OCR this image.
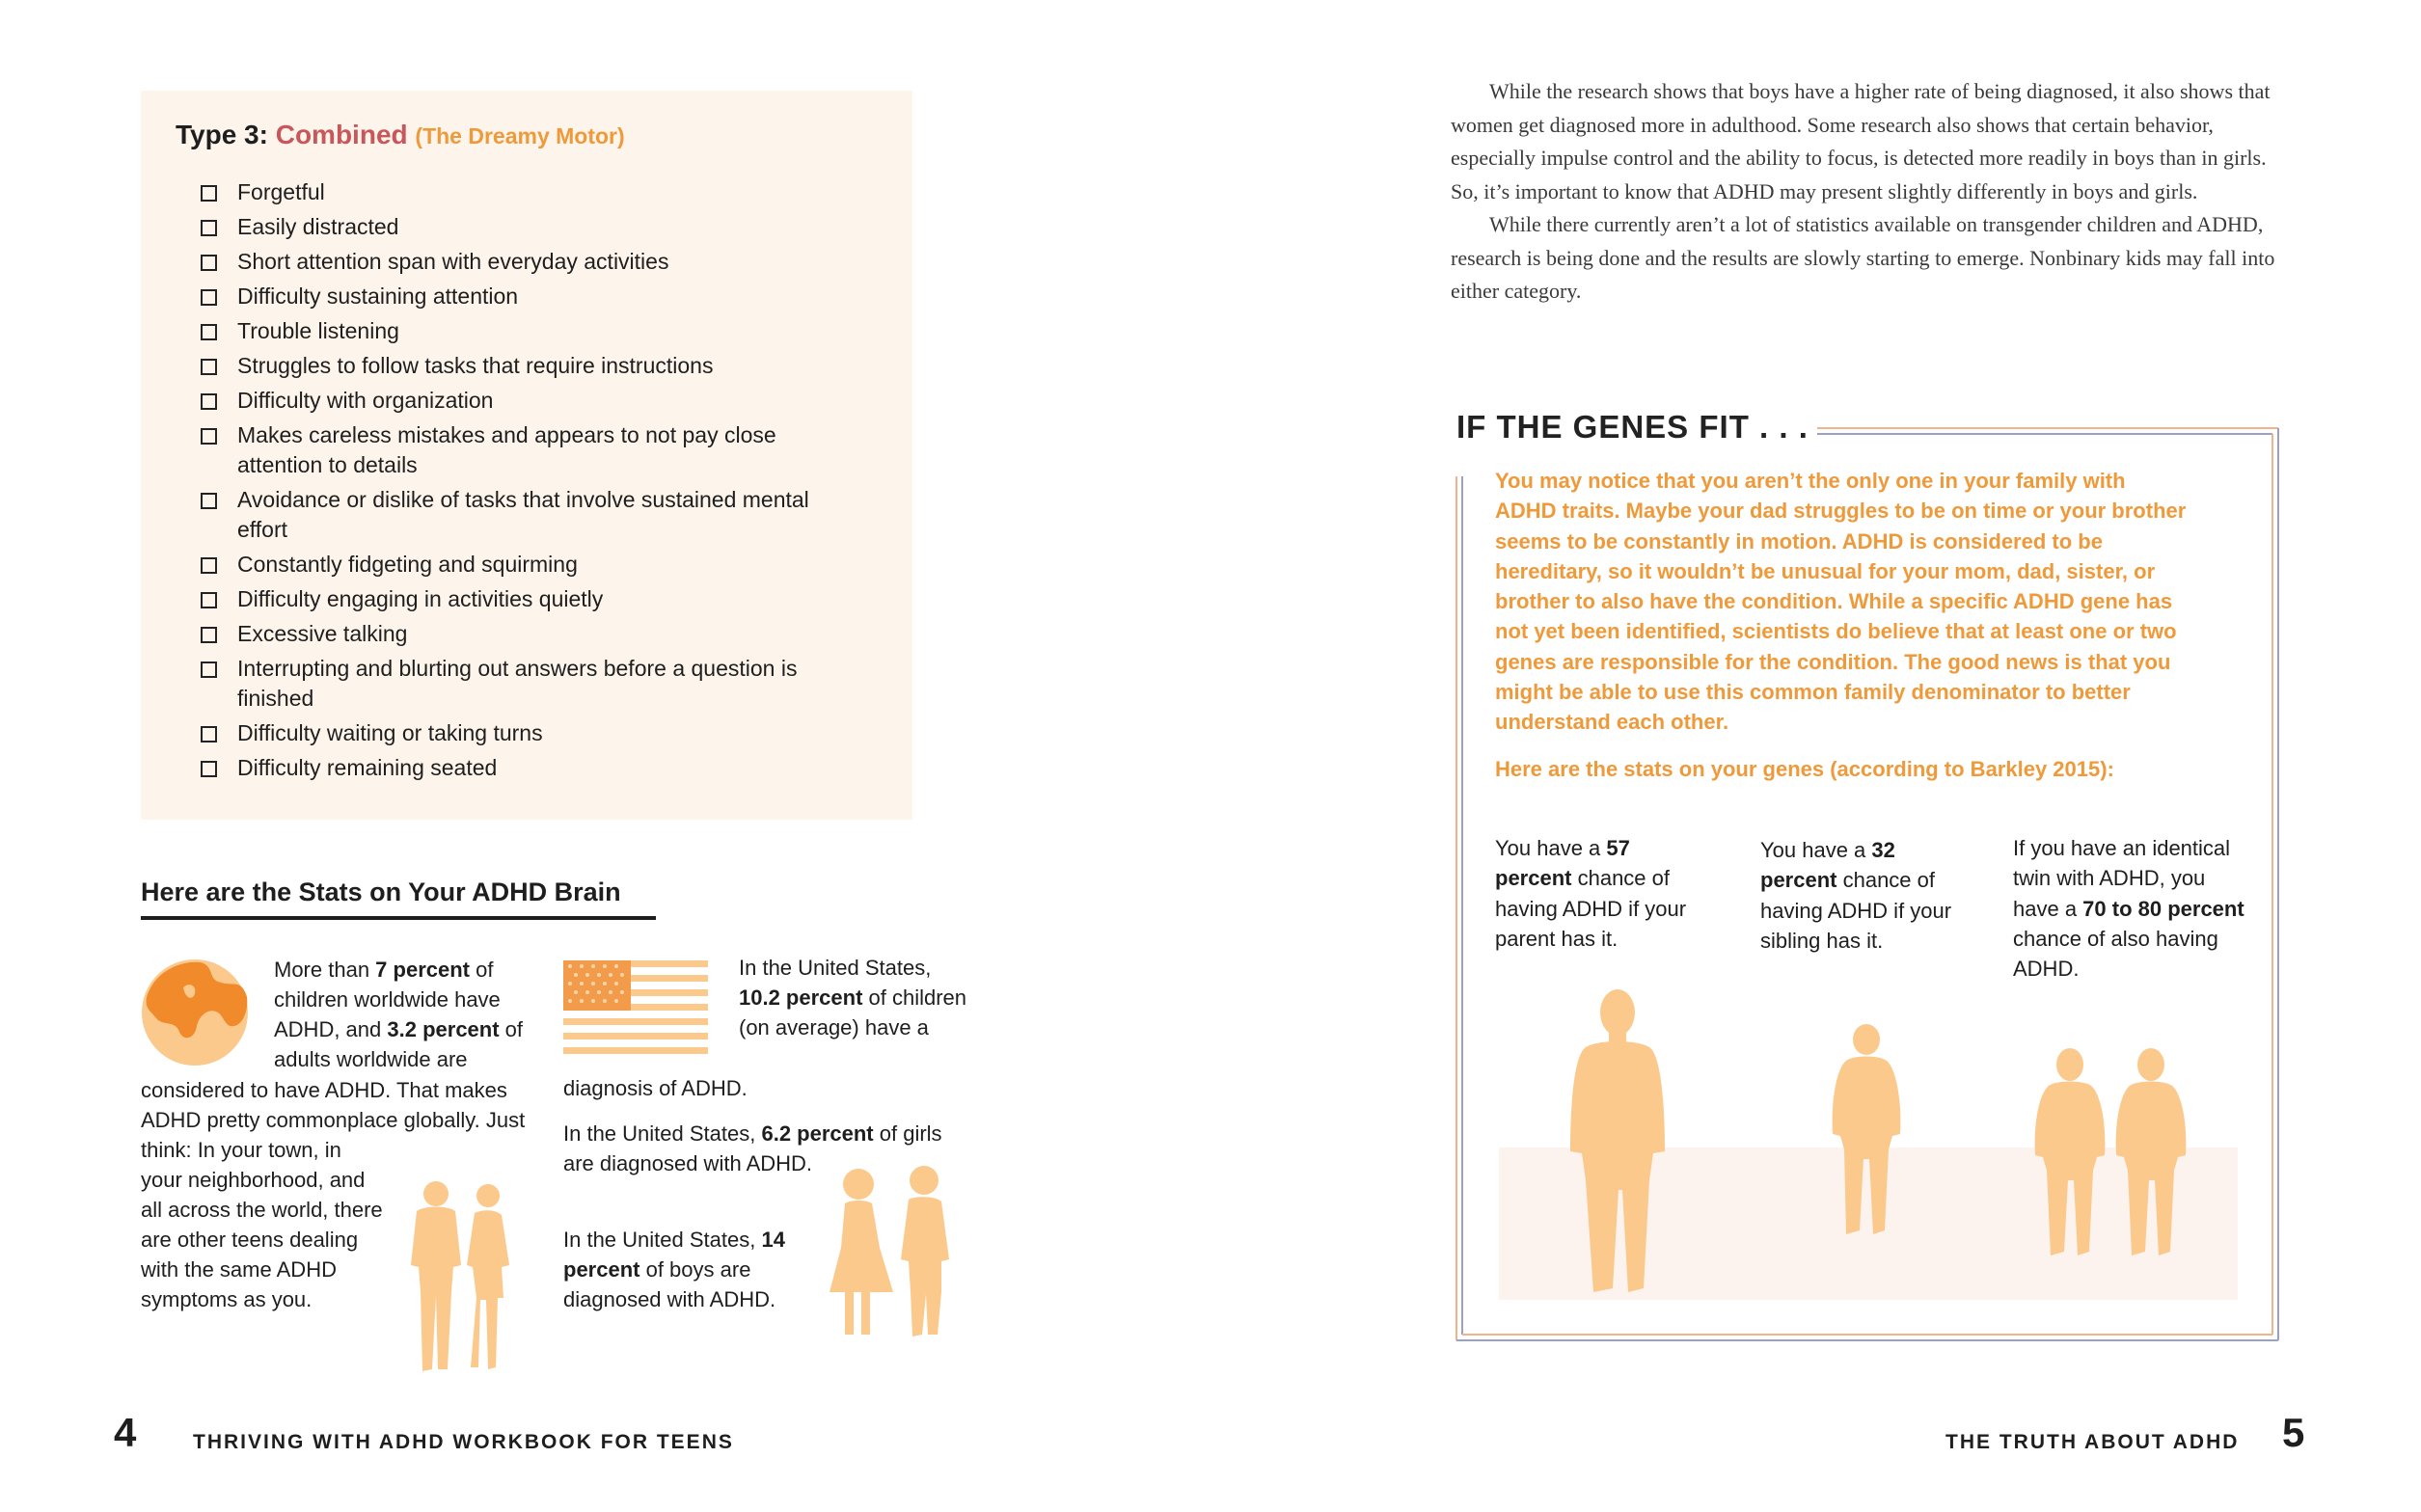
Type 3: Combined (The Dreamy Motor)
Forgetful
Easily distracted
Short attention span with everyday activities
Difficulty sustaining attention
Trouble listening
Struggles to follow tasks that require instructions
Difficulty with organization
Makes careless mistakes and appears to not pay close attention to details
Avoidance or dislike of tasks that involve sustained mental effort
Constantly fidgeting and squirming
Difficulty engaging in activities quietly
Excessive talking
Interrupting and blurting out answers before a question is finished
Difficulty waiting or taking turns
Difficulty remaining seated
Here are the Stats on Your ADHD Brain
More than 7 percent of children worldwide have ADHD, and 3.2 percent of adults worldwide are
considered to have ADHD. That makes ADHD pretty commonplace globally. Just think: In your town, in
your neighborhood, and all across the world, there are other teens dealing with the same ADHD symptoms as you.
In the United States, 10.2 percent of children (on average) have a
diagnosis of ADHD.
In the United States, 6.2 percent of girls are diagnosed with ADHD.
In the United States, 14 percent of boys are diagnosed with ADHD.
4	THRIVING WITH ADHD WORKBOOK FOR TEENS

While the research shows that boys have a higher rate of being diagnosed, it also shows that women get diagnosed more in adulthood. Some research also shows that certain behavior, especially impulse control and the ability to focus, is detected more readily in boys than in girls. So, it’s important to know that ADHD may present slightly differently in boys and girls.

While there currently aren’t a lot of statistics available on transgender children and ADHD, research is being done and the results are slowly starting to emerge. Nonbinary kids may fall into either category.

IF THE GENES FIT . . .
You may notice that you aren’t the only one in your family with ADHD traits. Maybe your dad struggles to be on time or your brother seems to be constantly in motion. ADHD is considered to be hereditary, so it wouldn’t be unusual for your mom, dad, sister, or brother to also have the condition. While a specific ADHD gene has not yet been identified, scientists do believe that at least one or two genes are responsible for the condition. The good news is that you might be able to use this common family denominator to better understand each other.
Here are the stats on your genes (according to Barkley 2015):
You have a 57 percent chance of having ADHD if your parent has it.
You have a 32 percent chance of having ADHD if your sibling has it.
If you have an identical twin with ADHD, you have a 70 to 80 percent chance of also having ADHD.
THE TRUTH ABOUT ADHD 5
